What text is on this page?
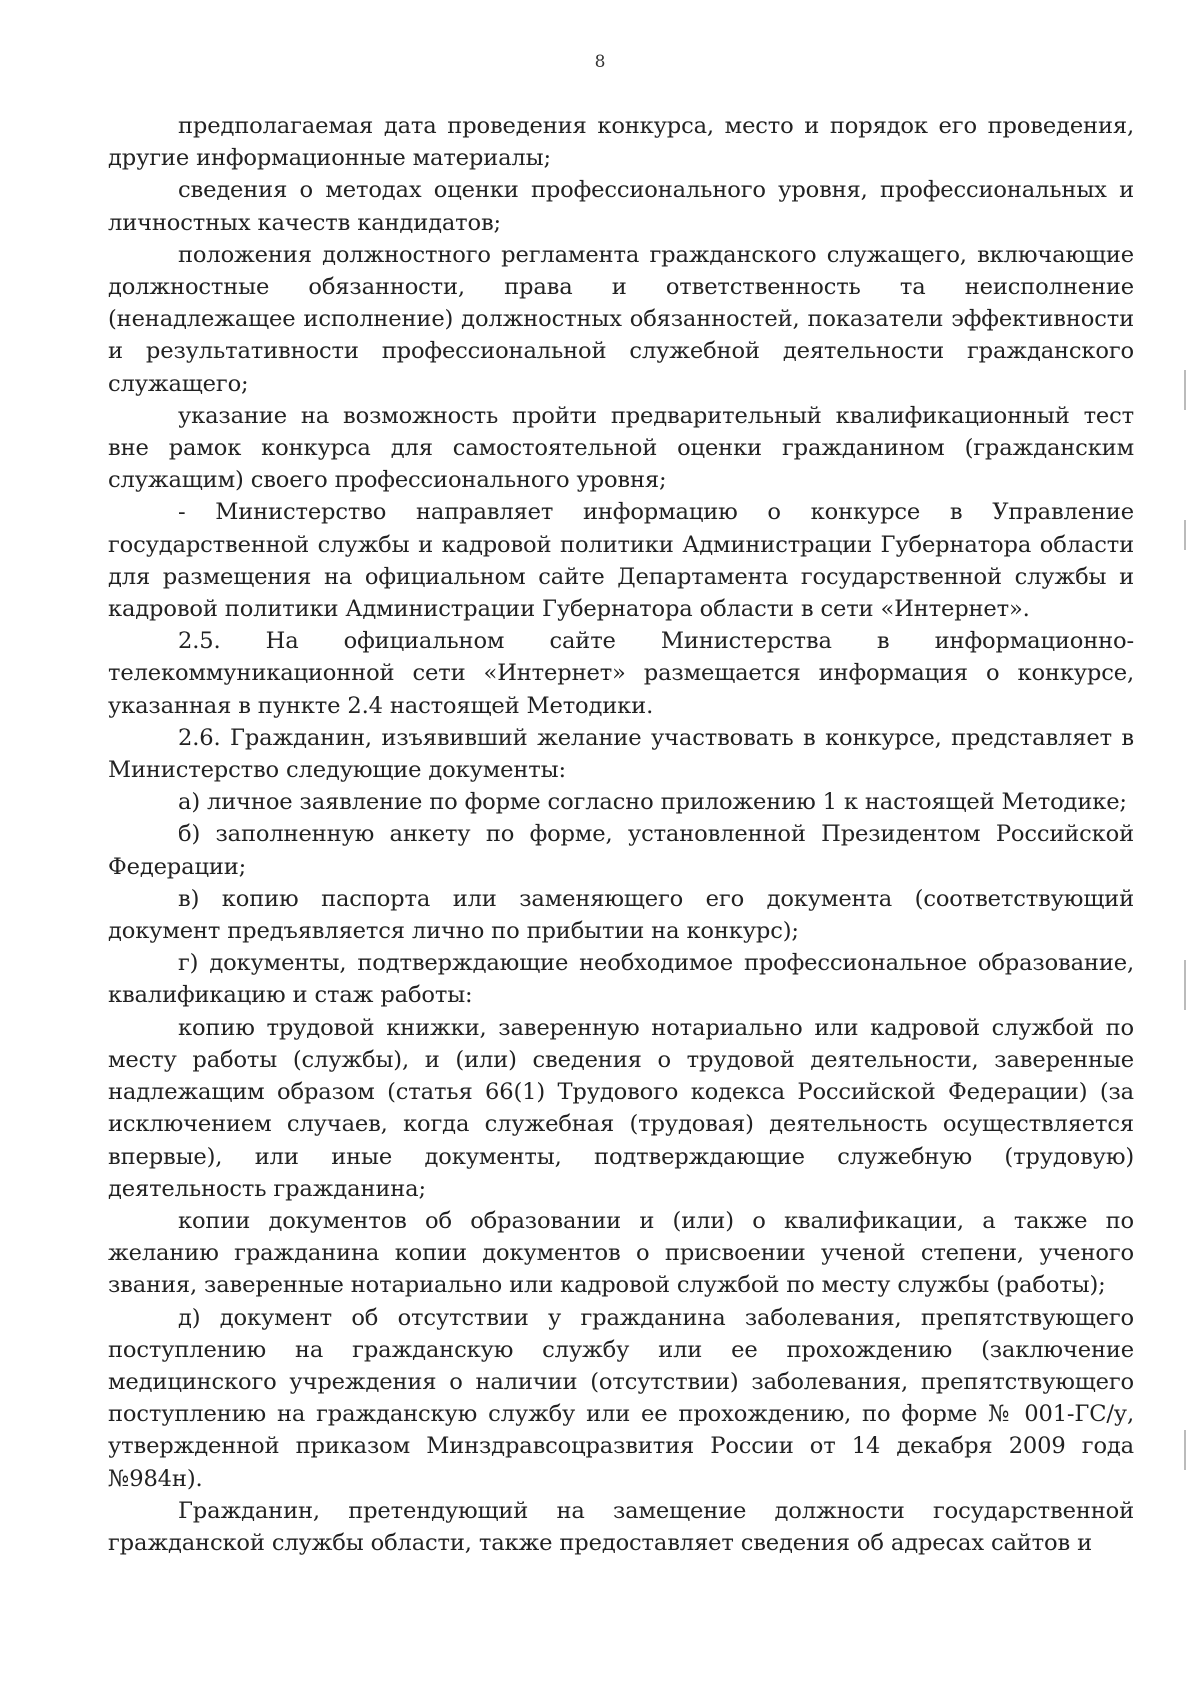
8

предполагаемая дата проведения конкурса, место и порядок его проведения, другие информационные материалы;

сведения о методах оценки профессионального уровня, профессиональных и личностных качеств кандидатов;

положения должностного регламента гражданского служащего, включающие должностные обязанности, права и ответственность та неисполнение (ненадлежащее исполнение) должностных обязанностей, показатели эффективности и результативности профессиональной служебной деятельности гражданского служащего;

указание на возможность пройти предварительный квалификационный тест вне рамок конкурса для самостоятельной оценки гражданином (гражданским служащим) своего профессионального уровня;

- Министерство направляет информацию о конкурсе в Управление государственной службы и кадровой политики Администрации Губернатора области для размещения на официальном сайте Департамента государственной службы и кадровой политики Администрации Губернатора области в сети «Интернет».

2.5. На официальном сайте Министерства в информационно-телекоммуникационной сети «Интернет» размещается информация о конкурсе, указанная в пункте 2.4 настоящей Методики.

2.6. Гражданин, изъявивший желание участвовать в конкурсе, представляет в Министерство следующие документы:

а) личное заявление по форме согласно приложению 1 к настоящей Методике;

б) заполненную анкету по форме, установленной Президентом Российской Федерации;

в) копию паспорта или заменяющего его документа (соответствующий документ предъявляется лично по прибытии на конкурс);

г) документы, подтверждающие необходимое профессиональное образование, квалификацию и стаж работы:

копию трудовой книжки, заверенную нотариально или кадровой службой по месту работы (службы), и (или) сведения о трудовой деятельности, заверенные надлежащим образом (статья 66(1) Трудового кодекса Российской Федерации) (за исключением случаев, когда служебная (трудовая) деятельность осуществляется впервые), или иные документы, подтверждающие служебную (трудовую) деятельность гражданина;

копии документов об образовании и (или) о квалификации, а также по желанию гражданина копии документов о присвоении ученой степени, ученого звания, заверенные нотариально или кадровой службой по месту службы (работы);

д) документ об отсутствии у гражданина заболевания, препятствующего поступлению на гражданскую службу или ее прохождению (заключение медицинского учреждения о наличии (отсутствии) заболевания, препятствующего поступлению на гражданскую службу или ее прохождению, по форме № 001-ГС/у, утвержденной приказом Минздравсоцразвития России от 14 декабря 2009 года №984н).

Гражданин, претендующий на замещение должности государственной гражданской службы области, также предоставляет сведения об адресах сайтов и
